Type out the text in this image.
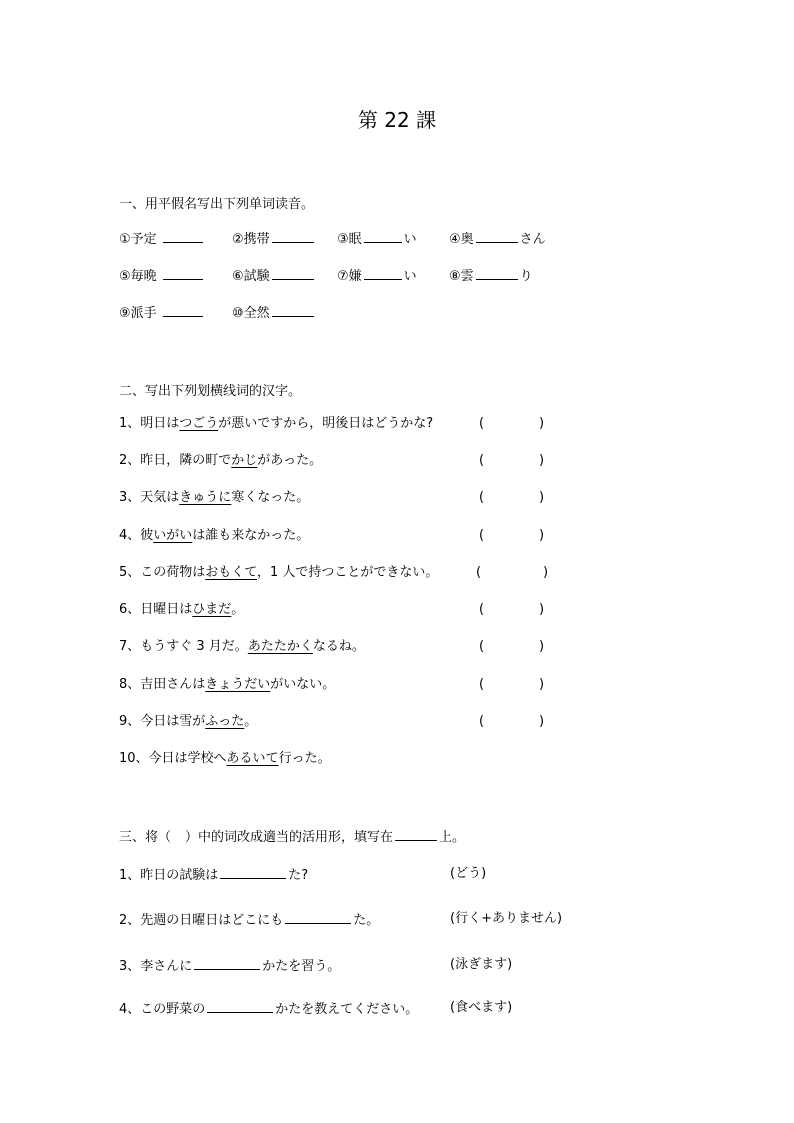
第 22 課
一、用平假名写出下列单词读音。
①予定	②携帯	③眠	い ④奥	さん
⑤毎晩	⑥試験	⑦嫌	い ⑧雲	り
⑨派手	⑩全然
二、写出下列划横线词的汉字。
1、明日はつごうが悪いですから，明後日はどうかな?	(	)
2、昨日，隣の町でかじがあった。	(	)
3、天気はきゅうに寒くなった。	(	)
4、彼いがいは誰も来なかった。	(	)
5、この荷物はおもくて，1 人で持つことができない。	(	)
6、日曜日はひまだ。	(	)
7、もうすぐ 3 月だ。あたたかくなるね。	(	)
8、吉田さんはきょうだいがいない。	(	)
9、今日は雪がふった。	(	)
10、今日は学校へあるいて行った。
三、将（ ）中的词改成適当的活用形，填写在	上。
1、昨日の試験は	た?	(どう)
2、先週の日曜日はどこにも	た。	(行く+ありません)
3、李さんに	かたを習う。	(泳ぎます)
4、この野菜の	かたを教えてください。 (食べます)
